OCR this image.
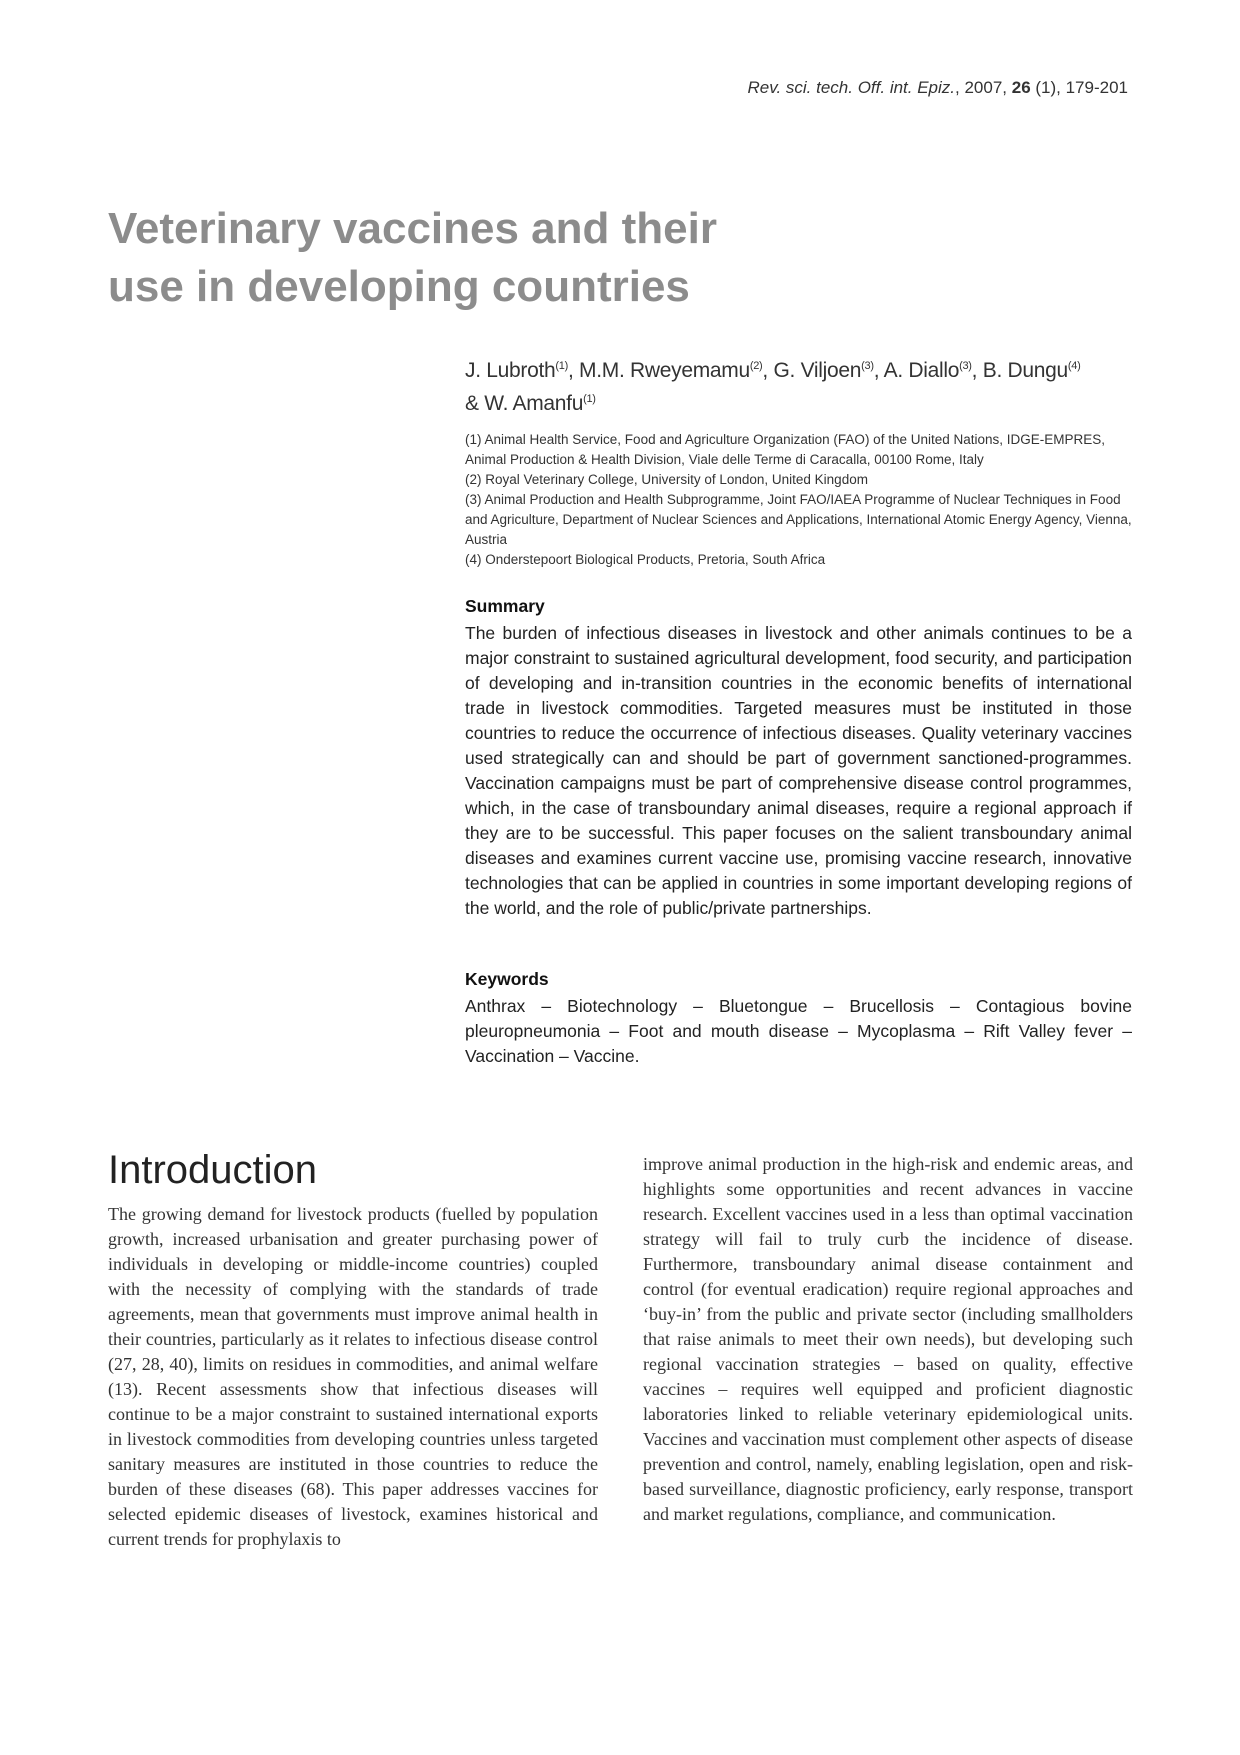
Rev. sci. tech. Off. int. Epiz., 2007, 26 (1), 179-201
Veterinary vaccines and their
use in developing countries
J. Lubroth$^{(1)}$, M.M. Rweyemamu$^{(2)}$, G. Viljoen$^{(3)}$, A. Diallo$^{(3)}$, B. Dungu$^{(4)}$
& W. Amanfu$^{(1)}$
(1) Animal Health Service, Food and Agriculture Organization (FAO) of the United Nations, IDGE-EMPRES, Animal Production & Health Division, Viale delle Terme di Caracalla, 00100 Rome, Italy
(2) Royal Veterinary College, University of London, United Kingdom
(3) Animal Production and Health Subprogramme, Joint FAO/IAEA Programme of Nuclear Techniques in Food and Agriculture, Department of Nuclear Sciences and Applications, International Atomic Energy Agency, Vienna, Austria
(4) Onderstepoort Biological Products, Pretoria, South Africa
Summary
The burden of infectious diseases in livestock and other animals continues to be a major constraint to sustained agricultural development, food security, and participation of developing and in-transition countries in the economic benefits of international trade in livestock commodities. Targeted measures must be instituted in those countries to reduce the occurrence of infectious diseases. Quality veterinary vaccines used strategically can and should be part of government sanctioned-programmes. Vaccination campaigns must be part of comprehensive disease control programmes, which, in the case of transboundary animal diseases, require a regional approach if they are to be successful. This paper focuses on the salient transboundary animal diseases and examines current vaccine use, promising vaccine research, innovative technologies that can be applied in countries in some important developing regions of the world, and the role of public/private partnerships.
Keywords
Anthrax – Biotechnology – Bluetongue – Brucellosis – Contagious bovine pleuropneumonia – Foot and mouth disease – Mycoplasma – Rift Valley fever – Vaccination – Vaccine.
Introduction

The growing demand for livestock products (fuelled by population growth, increased urbanisation and greater purchasing power of individuals in developing or middle-income countries) coupled with the necessity of complying with the standards of trade agreements, mean that governments must improve animal health in their countries, particularly as it relates to infectious disease control (27, 28, 40), limits on residues in commodities, and animal welfare (13). Recent assessments show that infectious diseases will continue to be a major constraint to sustained international exports in livestock commodities from developing countries unless targeted sanitary measures are instituted in those countries to reduce the burden of these diseases (68). This paper addresses vaccines for selected epidemic diseases of livestock, examines historical and current trends for prophylaxis to

improve animal production in the high-risk and endemic areas, and highlights some opportunities and recent advances in vaccine research. Excellent vaccines used in a less than optimal vaccination strategy will fail to truly curb the incidence of disease. Furthermore, transboundary animal disease containment and control (for eventual eradication) require regional approaches and ‘buy-in’ from the public and private sector (including smallholders that raise animals to meet their own needs), but developing such regional vaccination strategies – based on quality, effective vaccines – requires well equipped and proficient diagnostic laboratories linked to reliable veterinary epidemiological units. Vaccines and vaccination must complement other aspects of disease prevention and control, namely, enabling legislation, open and risk-based surveillance, diagnostic proficiency, early response, transport and market regulations, compliance, and communication.
